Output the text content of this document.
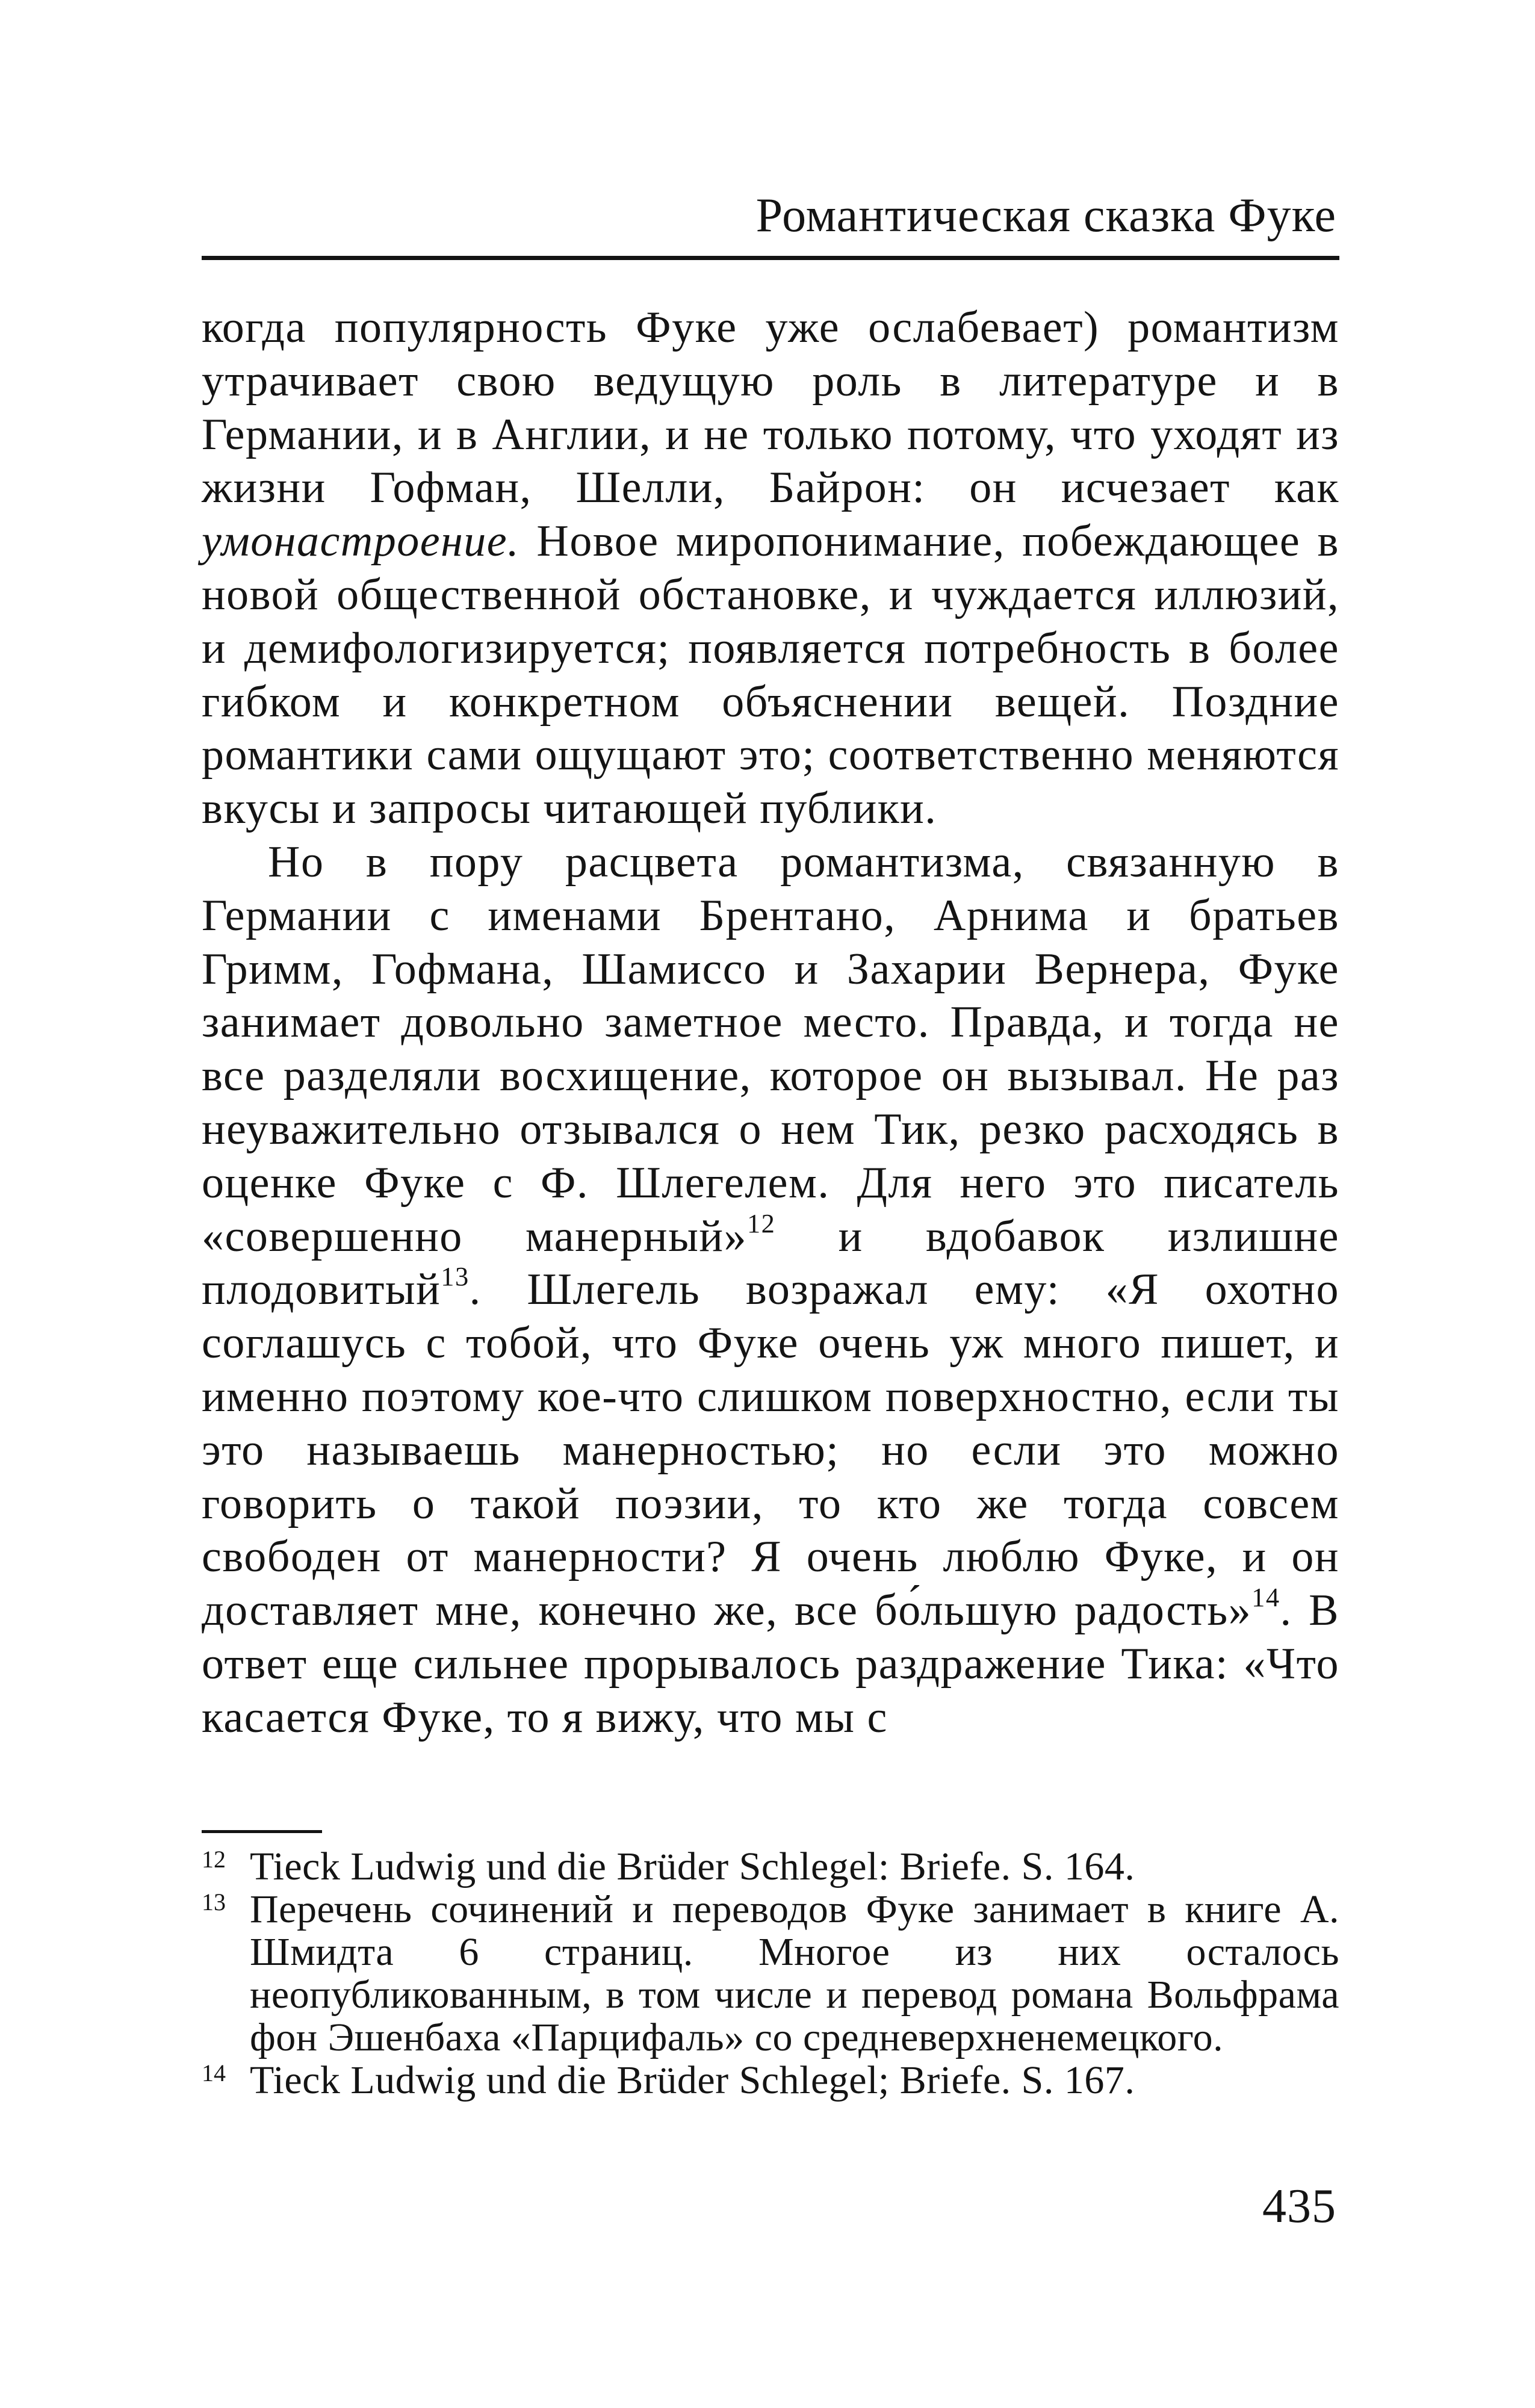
Романтическая сказка Фуке

когда популярность Фуке уже ослабевает) романтизм утрачивает свою ведущую роль в литературе и в Германии, и в Англии, и не только потому, что уходят из жизни Гофман, Шелли, Байрон: он исчезает как умонастроение. Новое миропонимание, побеждающее в новой общественной обстановке, и чуждается иллюзий, и демифологизируется; появляется потребность в более гибком и конкретном объяснении вещей. Поздние романтики сами ощущают это; соответственно меняются вкусы и запросы читающей публики.

Но в пору расцвета романтизма, связанную в Германии с именами Брентано, Арнима и братьев Гримм, Гофмана, Шамиссо и Захарии Вернера, Фуке занимает довольно заметное место. Правда, и тогда не все разделяли восхищение, которое он вызывал. Не раз неуважительно отзывался о нем Тик, резко расходясь в оценке Фуке с Ф. Шлегелем. Для него это писатель «совершенно манерный»$^{12}$ и вдобавок излишне плодовитый$^{13}$. Шлегель возражал ему: «Я охотно соглашусь с тобой, что Фуке очень уж много пишет, и именно поэтому кое-что слишком поверхностно, если ты это называешь манерностью; но если это можно говорить о такой поэзии, то кто же тогда совсем свободен от манерности? Я очень люблю Фуке, и он доставляет мне, конечно же, все бо́льшую радость»$^{14}$. В ответ еще сильнее прорывалось раздражение Тика: «Что касается Фуке, то я вижу, что мы с

12 Tieck Ludwig und die Brüder Schlegel: Briefe. S. 164.
13 Перечень сочинений и переводов Фуке занимает в книге А. Шмидта 6 страниц. Многое из них осталось неопубликованным, в том числе и перевод романа Вольфрама фон Эшенбаха «Парцифаль» со средневерхненемецкого.
14 Tieck Ludwig und die Brüder Schlegel; Briefe. S. 167.
435
